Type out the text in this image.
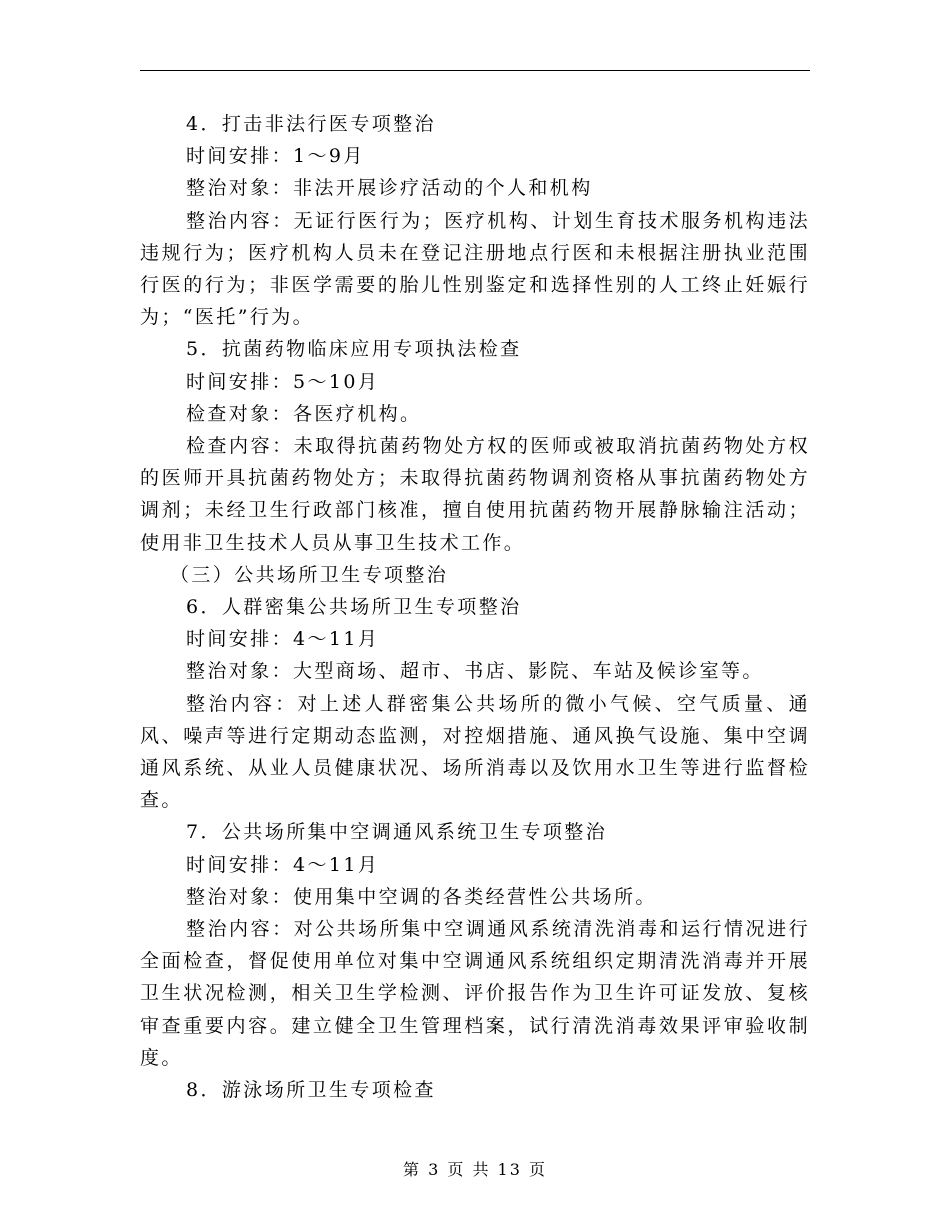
4．打击非法行医专项整治

时间安排：1～9月

整治对象：非法开展诊疗活动的个人和机构

整治内容：无证行医行为；医疗机构、计划生育技术服务机构违法违规行为；医疗机构人员未在登记注册地点行医和未根据注册执业范围行医的行为；非医学需要的胎儿性别鉴定和选择性别的人工终止妊娠行为；“医托”行为。

5．抗菌药物临床应用专项执法检查

时间安排：5～10月

检查对象：各医疗机构。

检查内容：未取得抗菌药物处方权的医师或被取消抗菌药物处方权的医师开具抗菌药物处方；未取得抗菌药物调剂资格从事抗菌药物处方调剂；未经卫生行政部门核准，擅自使用抗菌药物开展静脉输注活动；使用非卫生技术人员从事卫生技术工作。

（三）公共场所卫生专项整治

6．人群密集公共场所卫生专项整治

时间安排：4～11月

整治对象：大型商场、超市、书店、影院、车站及候诊室等。

整治内容：对上述人群密集公共场所的微小气候、空气质量、通风、噪声等进行定期动态监测，对控烟措施、通风换气设施、集中空调通风系统、从业人员健康状况、场所消毒以及饮用水卫生等进行监督检查。

7．公共场所集中空调通风系统卫生专项整治

时间安排：4～11月

整治对象：使用集中空调的各类经营性公共场所。

整治内容：对公共场所集中空调通风系统清洗消毒和运行情况进行全面检查，督促使用单位对集中空调通风系统组织定期清洗消毒并开展卫生状况检测，相关卫生学检测、评价报告作为卫生许可证发放、复核审查重要内容。建立健全卫生管理档案，试行清洗消毒效果评审验收制度。

8．游泳场所卫生专项检查

第 3 页 共 13 页
